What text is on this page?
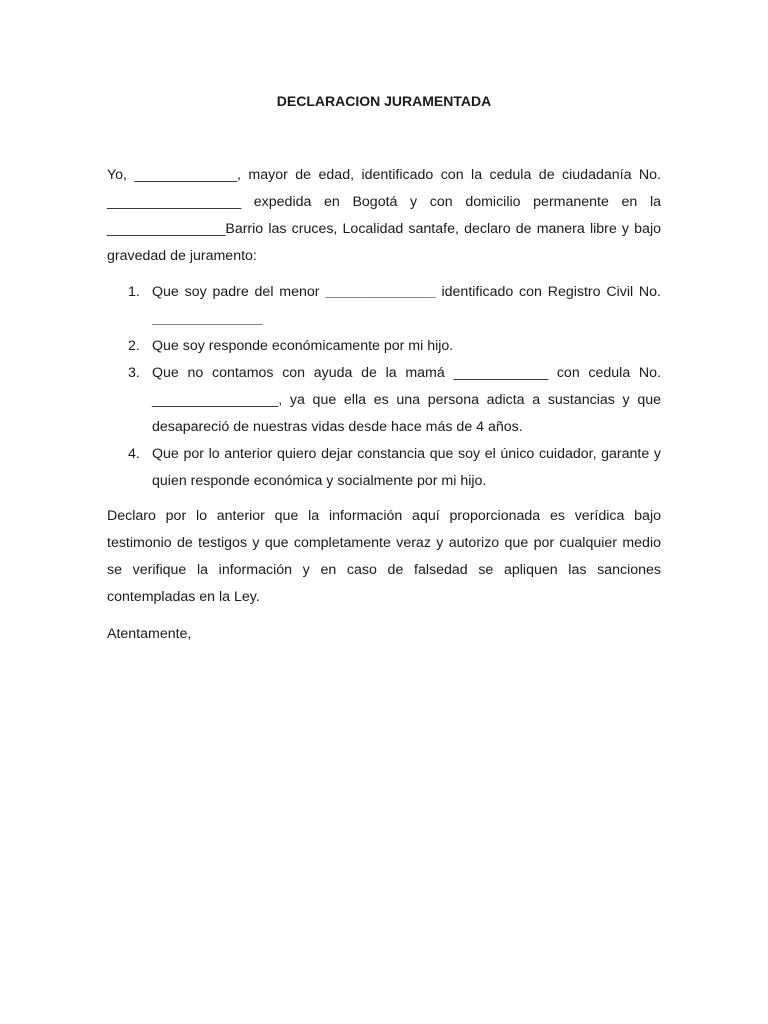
DECLARACION JURAMENTADA

Yo, _____________, mayor de edad, identificado con la cedula de ciudadanía No. _________________ expedida en Bogotá y con domicilio permanente en la _______________Barrio las cruces, Localidad santafe, declaro de manera libre y bajo gravedad de juramento:

1. Que soy padre del menor ______________ identificado con Registro Civil No. ______________
2. Que soy responde económicamente por mi hijo.
3. Que no contamos con ayuda de la mamá ____________ con cedula No. ________________, ya que ella es una persona adicta a sustancias y que desapareció de nuestras vidas desde hace más de 4 años.
4. Que por lo anterior quiero dejar constancia que soy el único cuidador, garante y quien responde económica y socialmente por mi hijo.

Declaro por lo anterior que la información aquí proporcionada es verídica bajo testimonio de testigos y que completamente veraz y autorizo que por cualquier medio se verifique la información y en caso de falsedad se apliquen las sanciones contempladas en la Ley.

Atentamente,
